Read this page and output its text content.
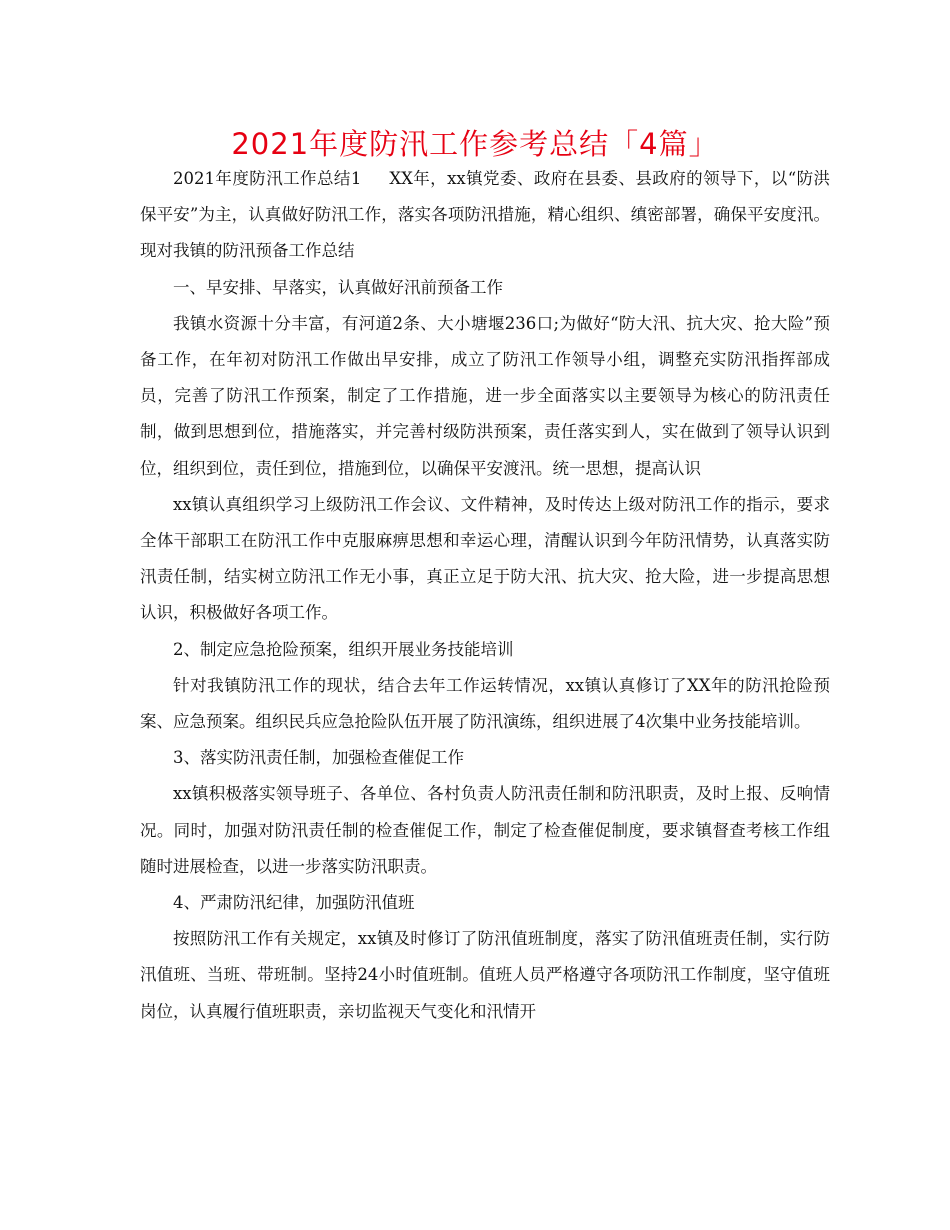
2021年度防汛工作参考总结「4篇」

2021年度防汛工作总结1 XX年，xx镇党委、政府在县委、县政府的领导下，以“防洪保平安”为主，认真做好防汛工作，落实各项防汛措施，精心组织、缜密部署，确保平安度汛。现对我镇的防汛预备工作总结

一、早安排、早落实，认真做好汛前预备工作

我镇水资源十分丰富，有河道2条、大小塘堰236口;为做好“防大汛、抗大灾、抢大险”预备工作，在年初对防汛工作做出早安排，成立了防汛工作领导小组，调整充实防汛指挥部成员，完善了防汛工作预案，制定了工作措施，进一步全面落实以主要领导为核心的防汛责任制，做到思想到位，措施落实，并完善村级防洪预案，责任落实到人，实在做到了领导认识到位，组织到位，责任到位，措施到位，以确保平安渡汛。统一思想，提高认识

xx镇认真组织学习上级防汛工作会议、文件精神，及时传达上级对防汛工作的指示，要求全体干部职工在防汛工作中克服麻痹思想和幸运心理，清醒认识到今年防汛情势，认真落实防汛责任制，结实树立防汛工作无小事，真正立足于防大汛、抗大灾、抢大险，进一步提高思想认识，积极做好各项工作。

2、制定应急抢险预案，组织开展业务技能培训

针对我镇防汛工作的现状，结合去年工作运转情况，xx镇认真修订了XX年的防汛抢险预案、应急预案。组织民兵应急抢险队伍开展了防汛演练，组织进展了4次集中业务技能培训。

3、落实防汛责任制，加强检查催促工作

xx镇积极落实领导班子、各单位、各村负责人防汛责任制和防汛职责，及时上报、反响情况。同时，加强对防汛责任制的检查催促工作，制定了检查催促制度，要求镇督查考核工作组随时进展检查，以进一步落实防汛职责。

4、严肃防汛纪律，加强防汛值班

按照防汛工作有关规定，xx镇及时修订了防汛值班制度，落实了防汛值班责任制，实行防汛值班、当班、带班制。坚持24小时值班制。值班人员严格遵守各项防汛工作制度，坚守值班岗位，认真履行值班职责，亲切监视天气变化和汛情开
